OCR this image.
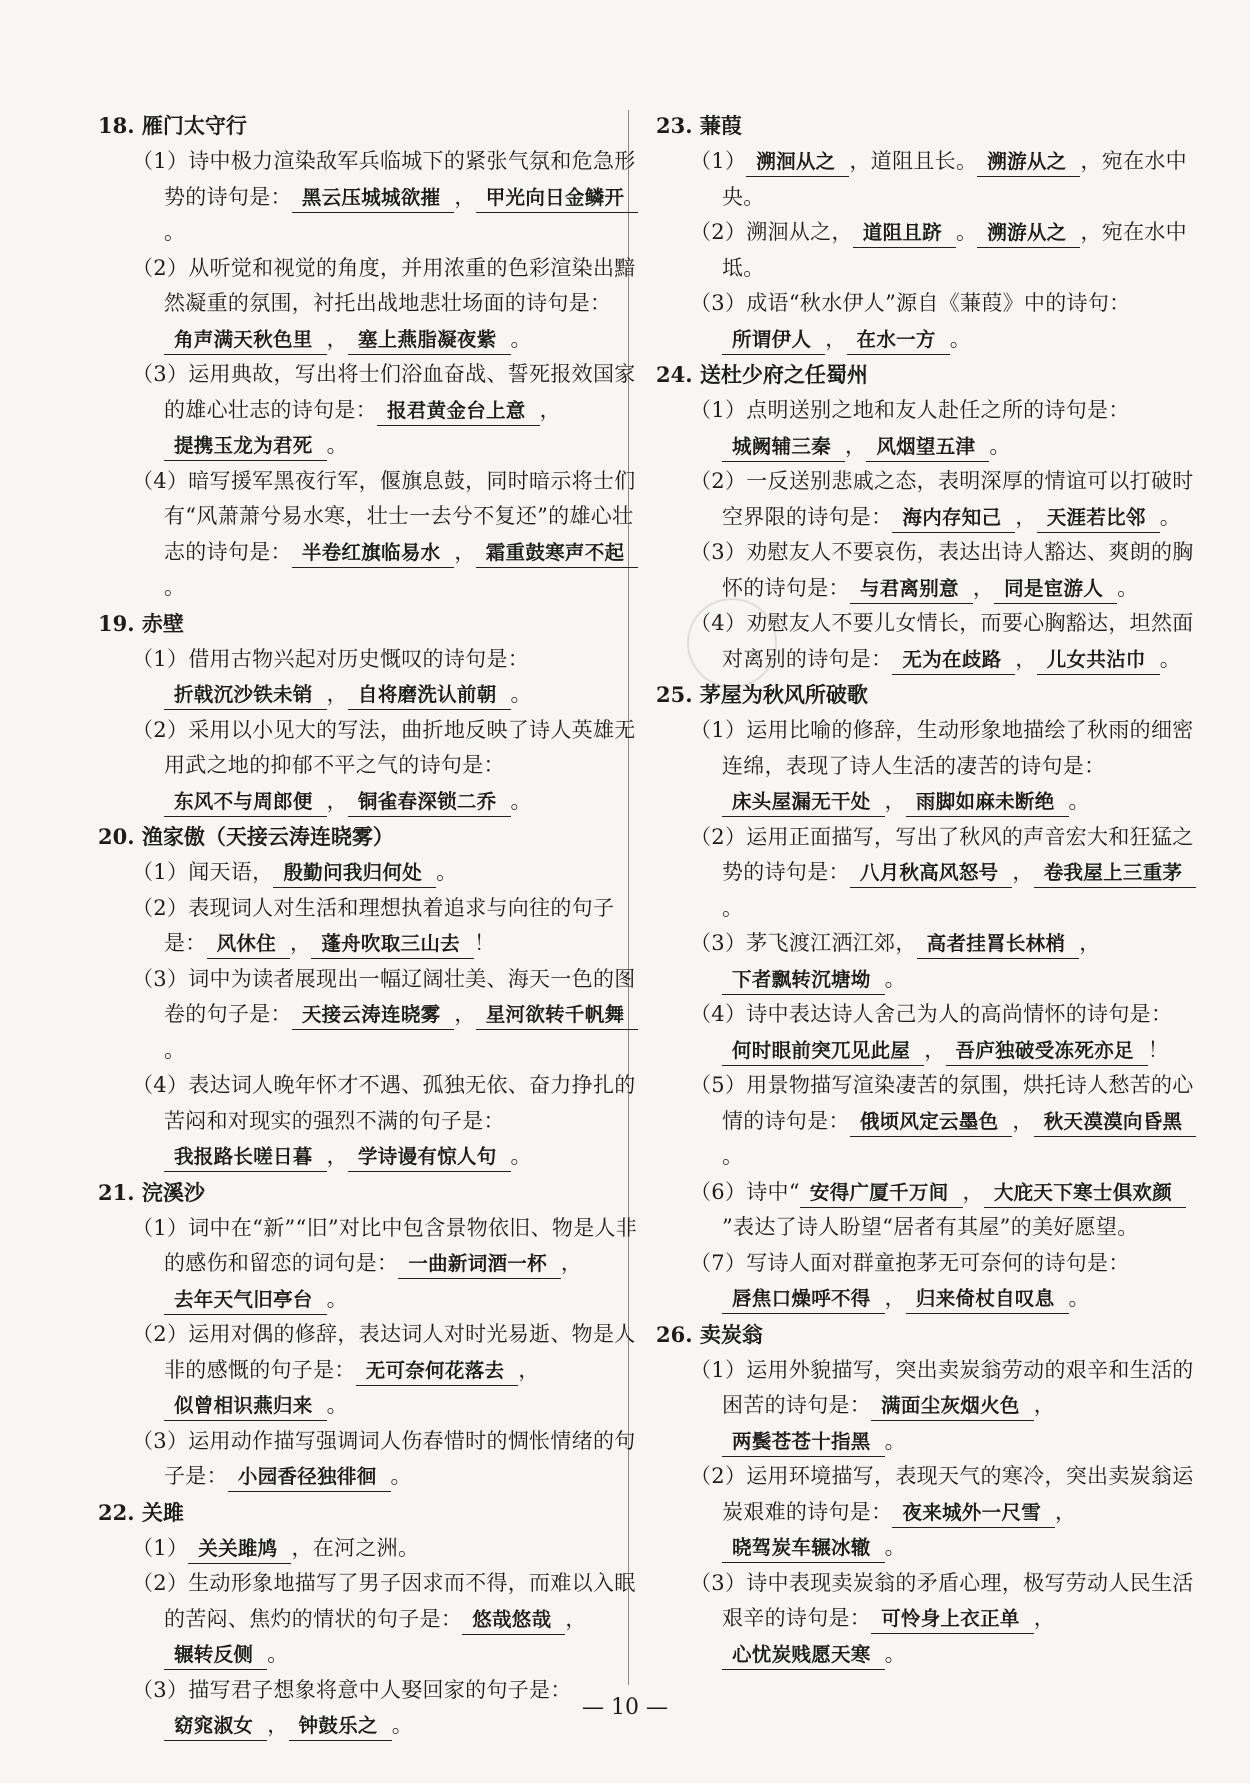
18. 雁门太守行
（1）诗中极力渲染敌军兵临城下的紧张气氛和危急形势的诗句是： 黑云压城城欲摧 ， 甲光向日金鳞开。
（2）从听觉和视觉的角度，并用浓重的色彩渲染出黯然凝重的氛围，衬托出战地悲壮场面的诗句是：角声满天秋色里 ， 塞上燕脂凝夜紫 。
（3）运用典故，写出将士们浴血奋战、誓死报效国家的雄心壮志的诗句是： 报君黄金台上意 ，提携玉龙为君死 。
（4）暗写援军黑夜行军，偃旗息鼓，同时暗示将士们有“风萧萧兮易水寒，壮士一去兮不复还”的雄心壮志的诗句是： 半卷红旗临易水 ， 霜重鼓寒声不起。
19. 赤壁
（1）借用古物兴起对历史慨叹的诗句是：折戟沉沙铁未销 ， 自将磨洗认前朝 。
（2）采用以小见大的写法，曲折地反映了诗人英雄无用武之地的抑郁不平之气的诗句是：东风不与周郎便 ， 铜雀春深锁二乔 。
20. 渔家傲（天接云涛连晓雾）
（1）闻天语， 殷勤问我归何处 。
（2）表现词人对生活和理想执着追求与向往的句子是： 风休住 ， 蓬舟吹取三山去 ！
（3）词中为读者展现出一幅辽阔壮美、海天一色的图卷的句子是： 天接云涛连晓雾 ， 星河欲转千帆舞。
（4）表达词人晚年怀才不遇、孤独无依、奋力挣扎的苦闷和对现实的强烈不满的句子是：我报路长嗟日暮 ， 学诗谩有惊人句 。
21. 浣溪沙
（1）词中在“新”“旧”对比中包含景物依旧、物是人非的感伤和留恋的词句是： 一曲新词酒一杯 ，去年天气旧亭台 。
（2）运用对偶的修辞，表达词人对时光易逝、物是人非的感慨的句子是： 无可奈何花落去 ，似曾相识燕归来 。
（3）运用动作描写强调词人伤春惜时的惆怅情绪的句子是： 小园香径独徘徊 。
22. 关雎
（1） 关关雎鸠 ，在河之洲。
（2）生动形象地描写了男子因求而不得，而难以入眠的苦闷、焦灼的情状的句子是： 悠哉悠哉 ，辗转反侧 。
（3）描写君子想象将意中人娶回家的句子是：窈窕淑女 ， 钟鼓乐之 。
23. 蒹葭
（1） 溯洄从之 ，道阻且长。 溯游从之 ，宛在水中央。
（2）溯洄从之， 道阻且跻 。 溯游从之 ，宛在水中坻。
（3）成语“秋水伊人”源自《蒹葭》中的诗句：所谓伊人 ， 在水一方 。
24. 送杜少府之任蜀州
（1）点明送别之地和友人赴任之所的诗句是：城阙辅三秦 ， 风烟望五津 。
（2）一反送别悲戚之态，表明深厚的情谊可以打破时空界限的诗句是： 海内存知己 ， 天涯若比邻 。
（3）劝慰友人不要哀伤，表达出诗人豁达、爽朗的胸怀的诗句是： 与君离别意 ， 同是宦游人 。
（4）劝慰友人不要儿女情长，而要心胸豁达，坦然面对离别的诗句是： 无为在歧路 ， 儿女共沾巾 。
25. 茅屋为秋风所破歌
（1）运用比喻的修辞，生动形象地描绘了秋雨的细密连绵，表现了诗人生活的凄苦的诗句是：床头屋漏无干处 ， 雨脚如麻未断绝 。
（2）运用正面描写，写出了秋风的声音宏大和狂猛之势的诗句是： 八月秋高风怒号 ， 卷我屋上三重茅。
（3）茅飞渡江洒江郊， 高者挂罥长林梢 ，下者飘转沉塘坳 。
（4）诗中表达诗人舍己为人的高尚情怀的诗句是：何时眼前突兀见此屋 ， 吾庐独破受冻死亦足 ！
（5）用景物描写渲染凄苦的氛围，烘托诗人愁苦的心情的诗句是： 俄顷风定云墨色 ， 秋天漠漠向昏黑。
（6）诗中“ 安得广厦千万间 ， 大庇天下寒士俱欢颜”表达了诗人盼望“居者有其屋”的美好愿望。
（7）写诗人面对群童抱茅无可奈何的诗句是：唇焦口燥呼不得 ， 归来倚杖自叹息 。
26. 卖炭翁
（1）运用外貌描写，突出卖炭翁劳动的艰辛和生活的困苦的诗句是： 满面尘灰烟火色 ，两鬓苍苍十指黑 。
（2）运用环境描写，表现天气的寒冷，突出卖炭翁运炭艰难的诗句是： 夜来城外一尺雪 ，晓驾炭车辗冰辙 。
（3）诗中表现卖炭翁的矛盾心理，极写劳动人民生活艰辛的诗句是： 可怜身上衣正单 ，心忧炭贱愿天寒 。
— 10 —
